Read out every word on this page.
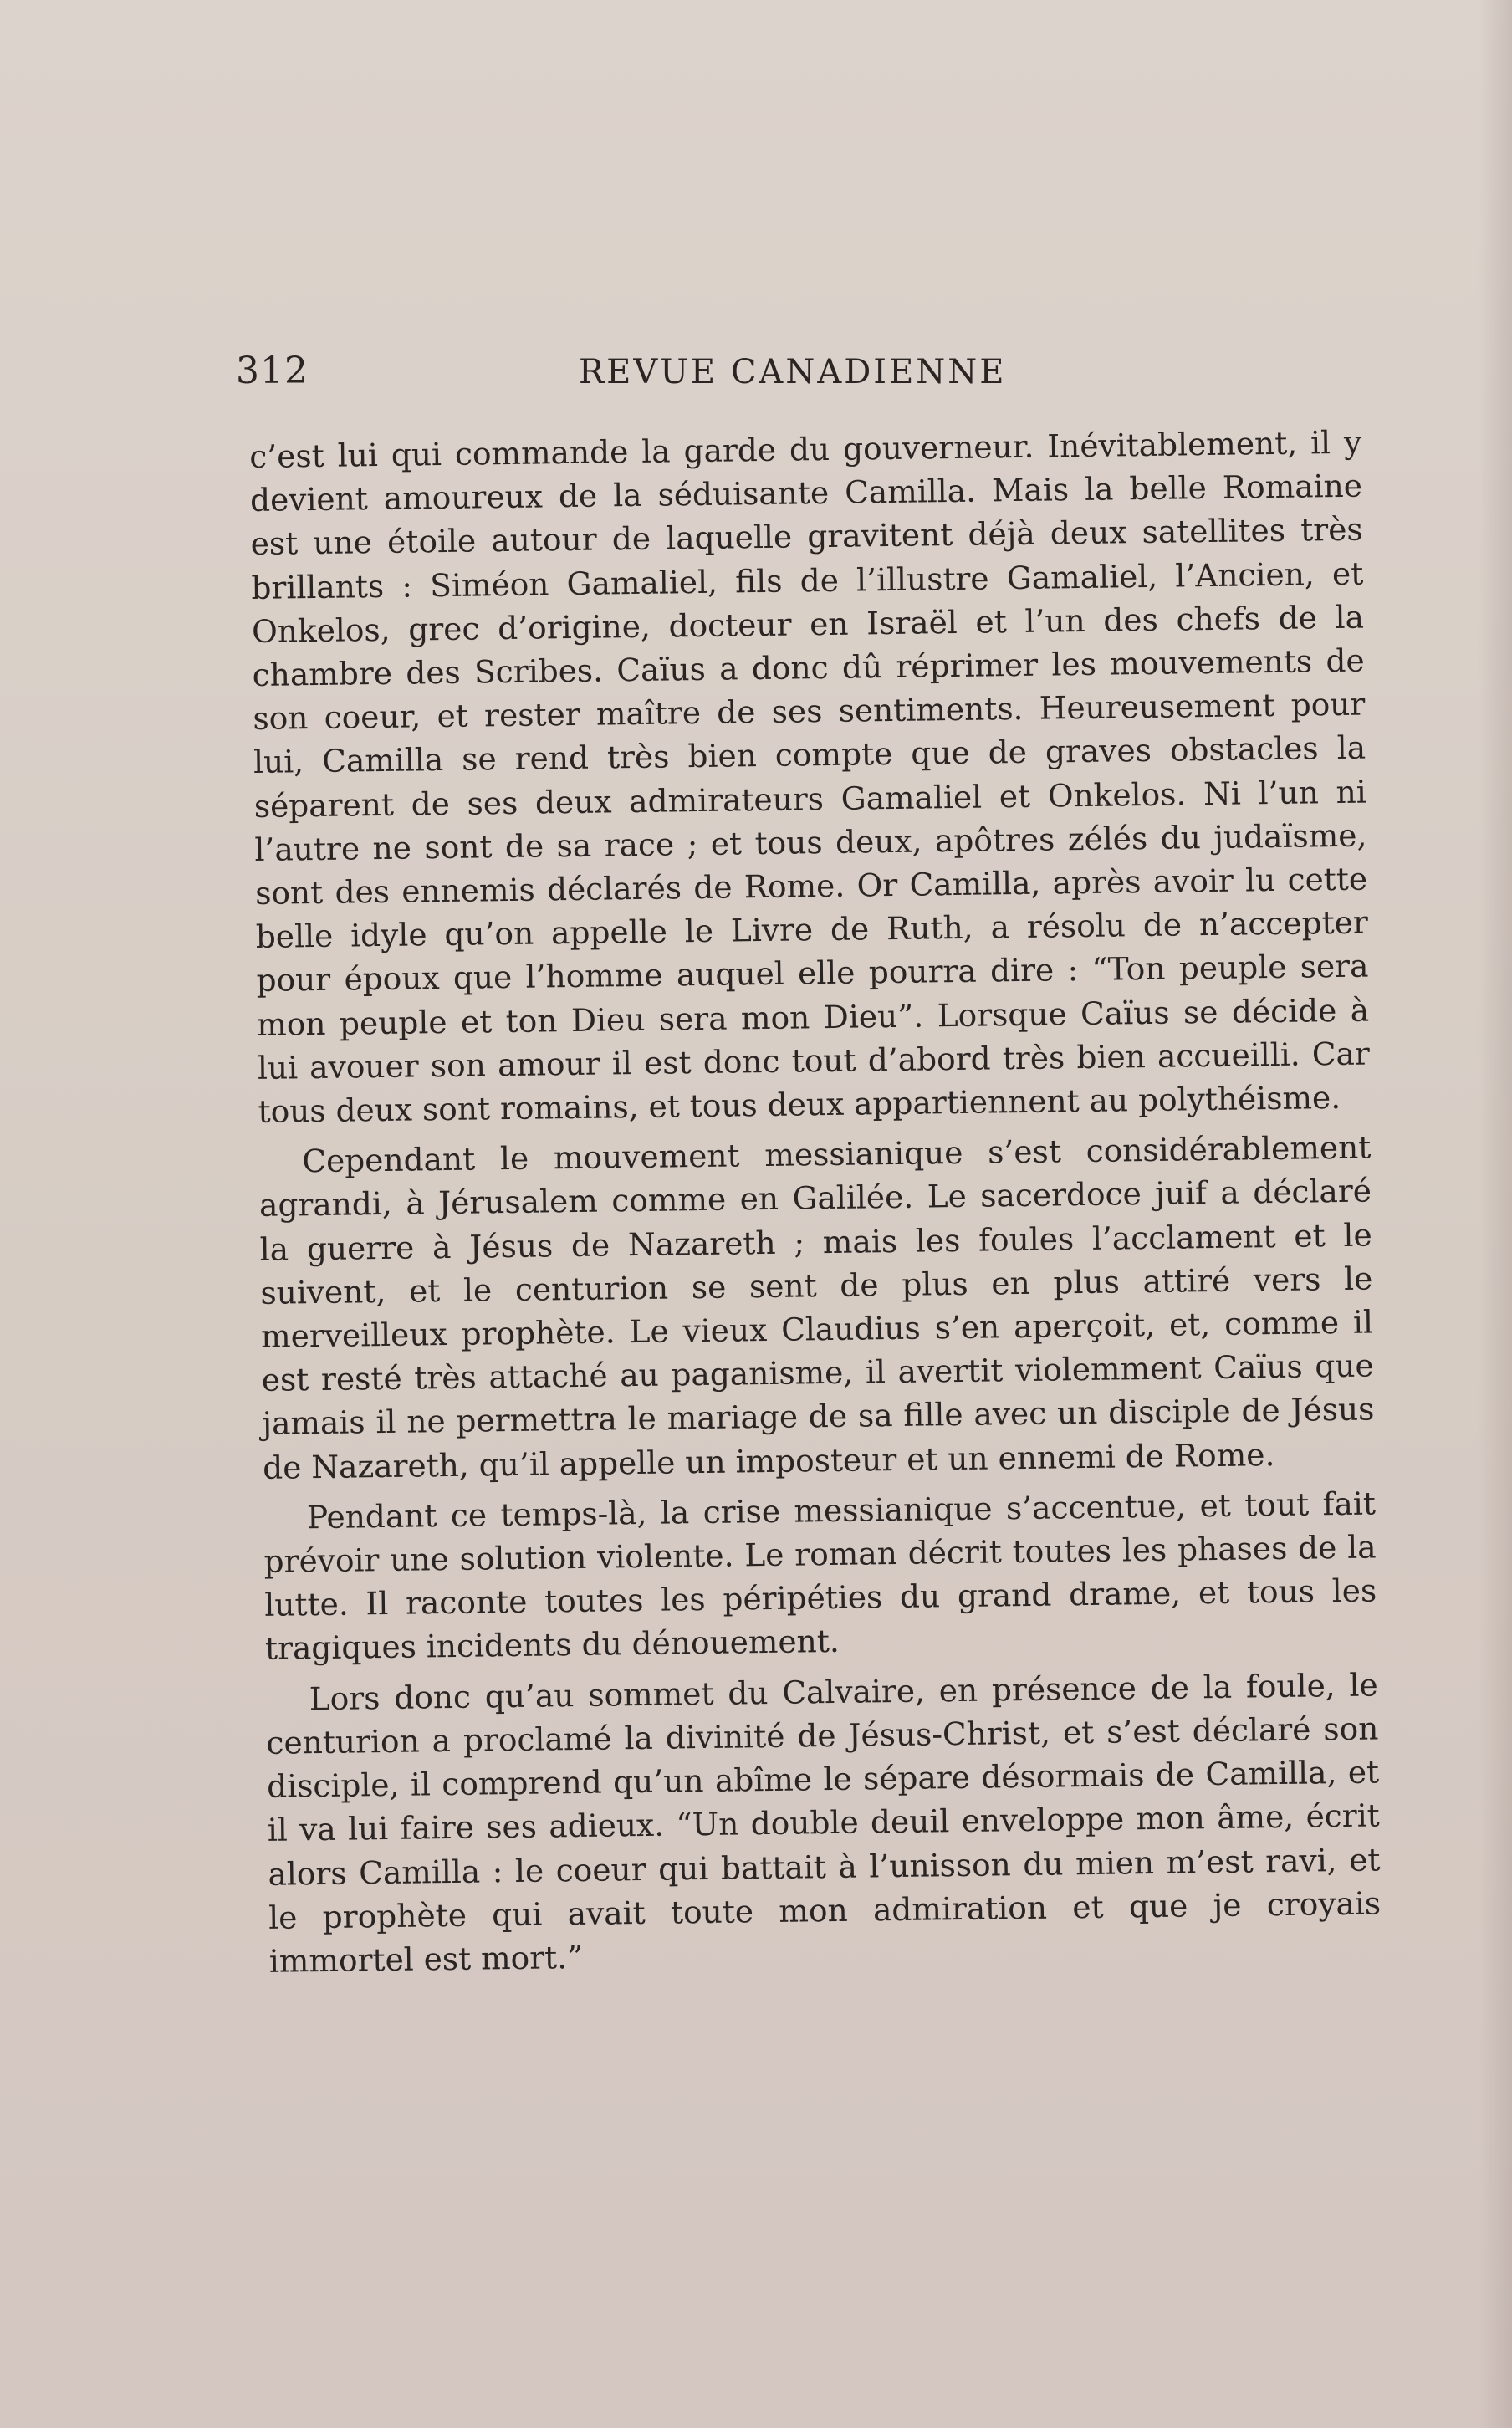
312	REVUE CANADIENNE

c’est lui qui commande la garde du gouverneur. Inévitablement, il y devient amoureux de la séduisante Camilla. Mais la belle Romaine est une étoile autour de laquelle gravitent déjà deux satellites très brillants : Siméon Gamaliel, fils de l’illustre Gamaliel, l’Ancien, et Onkelos, grec d’origine, docteur en Israël et l’un des chefs de la chambre des Scribes. Caïus a donc dû réprimer les mouvements de son coeur, et rester maître de ses sentiments. Heureusement pour lui, Camilla se rend très bien compte que de graves obstacles la séparent de ses deux admirateurs Gamaliel et Onkelos. Ni l’un ni l’autre ne sont de sa race ; et tous deux, apôtres zélés du judaïsme, sont des ennemis déclarés de Rome. Or Camilla, après avoir lu cette belle idyle qu’on appelle le Livre de Ruth, a résolu de n’accepter pour époux que l’homme auquel elle pourra dire : “Ton peuple sera mon peuple et ton Dieu sera mon Dieu”. Lorsque Caïus se décide à lui avouer son amour il est donc tout d’abord très bien accueilli. Car tous deux sont romains, et tous deux appartiennent au polythéisme.

Cependant le mouvement messianique s’est considérablement agrandi, à Jérusalem comme en Galilée. Le sacerdoce juif a déclaré la guerre à Jésus de Nazareth ; mais les foules l’acclament et le suivent, et le centurion se sent de plus en plus attiré vers le merveilleux prophète. Le vieux Claudius s’en aperçoit, et, comme il est resté très attaché au paganisme, il avertit violemment Caïus que jamais il ne permettra le mariage de sa fille avec un disciple de Jésus de Nazareth, qu’il appelle un imposteur et un ennemi de Rome.

Pendant ce temps-là, la crise messianique s’accentue, et tout fait prévoir une solution violente. Le roman décrit toutes les phases de la lutte. Il raconte toutes les péripéties du grand drame, et tous les tragiques incidents du dénouement.

Lors donc qu’au sommet du Calvaire, en présence de la foule, le centurion a proclamé la divinité de Jésus-Christ, et s’est déclaré son disciple, il comprend qu’un abîme le sépare désormais de Camilla, et il va lui faire ses adieux. “Un double deuil enveloppe mon âme, écrit alors Camilla : le coeur qui battait à l’unisson du mien m’est ravi, et le prophète qui avait toute mon admiration et que je croyais immortel est mort.”
